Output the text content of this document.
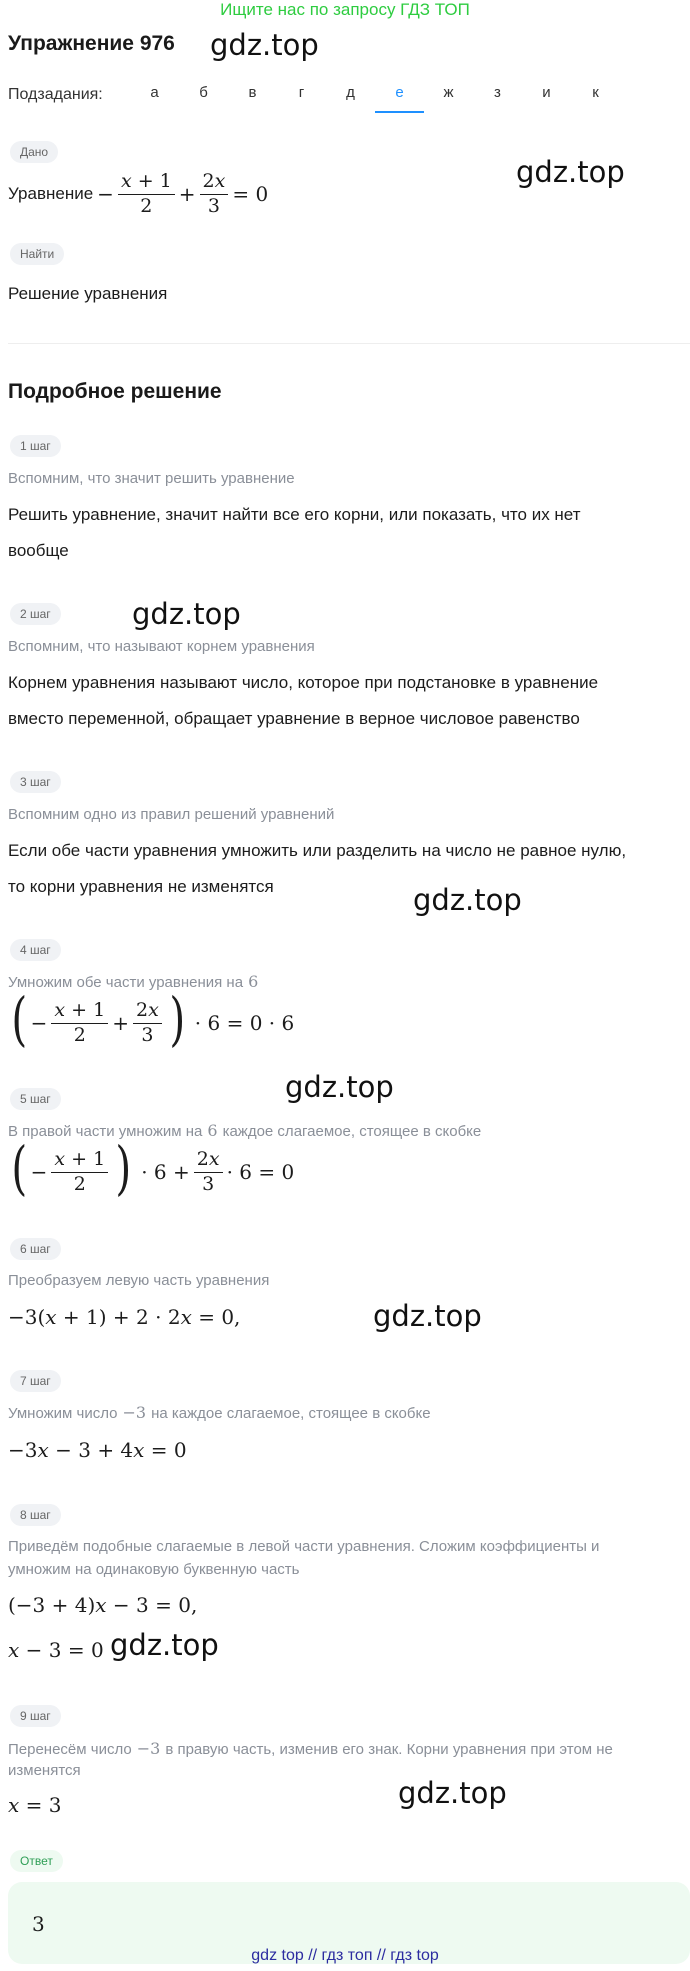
Ищите нас по запросу ГДЗ ТОП
Упражнение 976 gdz.top
Подзадания:	а	б	в	г	д	е	ж	з	и	к
Дано
Уравнение − $\frac{x + 1}{2} + \frac{2x}{3} = 0$
gdz.top
Найти
Решение уравнения
Подробное решение
1 шаг
Вспомним, что значит решить уравнение
Решить уравнение, значит найти все его корни, или показать, что их нет
вообще
2 шаг	gdz.top
Вспомним, что называют корнем уравнения
Корнем уравнения называют число, которое при подстановке в уравнение
вместо переменной, обращает уравнение в верное числовое равенство
3 шаг
Вспомним одно из правил решений уравнений
Если обе части уравнения умножить или разделить на число не равное нулю,
то корни уравнения не изменятся	gdz.top
4 шаг
Умножим обе части уравнения на 6
( − $\frac{x + 1}{2} + \frac{2x}{3}$ ) · 6 = 0 · 6
gdz.top
5 шаг
В правой части умножим на 6 каждое слагаемое, стоящее в скобке
( − $\frac{x + 1}{2}$ ) · $6 + \frac{2x}{3} \cdot 6 = 0$
6 шаг
Преобразуем левую часть уравнения
−3( x + 1) + 2 · 2 x = 0,	gdz.top
7 шаг
Умножим число −3 на каждое слагаемое, стоящее в скобке
−3 x − 3 + 4 x = 0
8 шаг
Приведём подобные слагаемые в левой части уравнения. Сложим коэффициенты и
умножим на одинаковую буквенную часть
(−3 + 4) x − 3 = 0,
x − 3 = 0 gdz.top
9 шаг
Перенесём число −3 в правую часть, изменив его знак. Корни уравнения при этом не
изменятся
x = 3	gdz.top
Ответ
3
gdz top // гдз топ // гдз top
